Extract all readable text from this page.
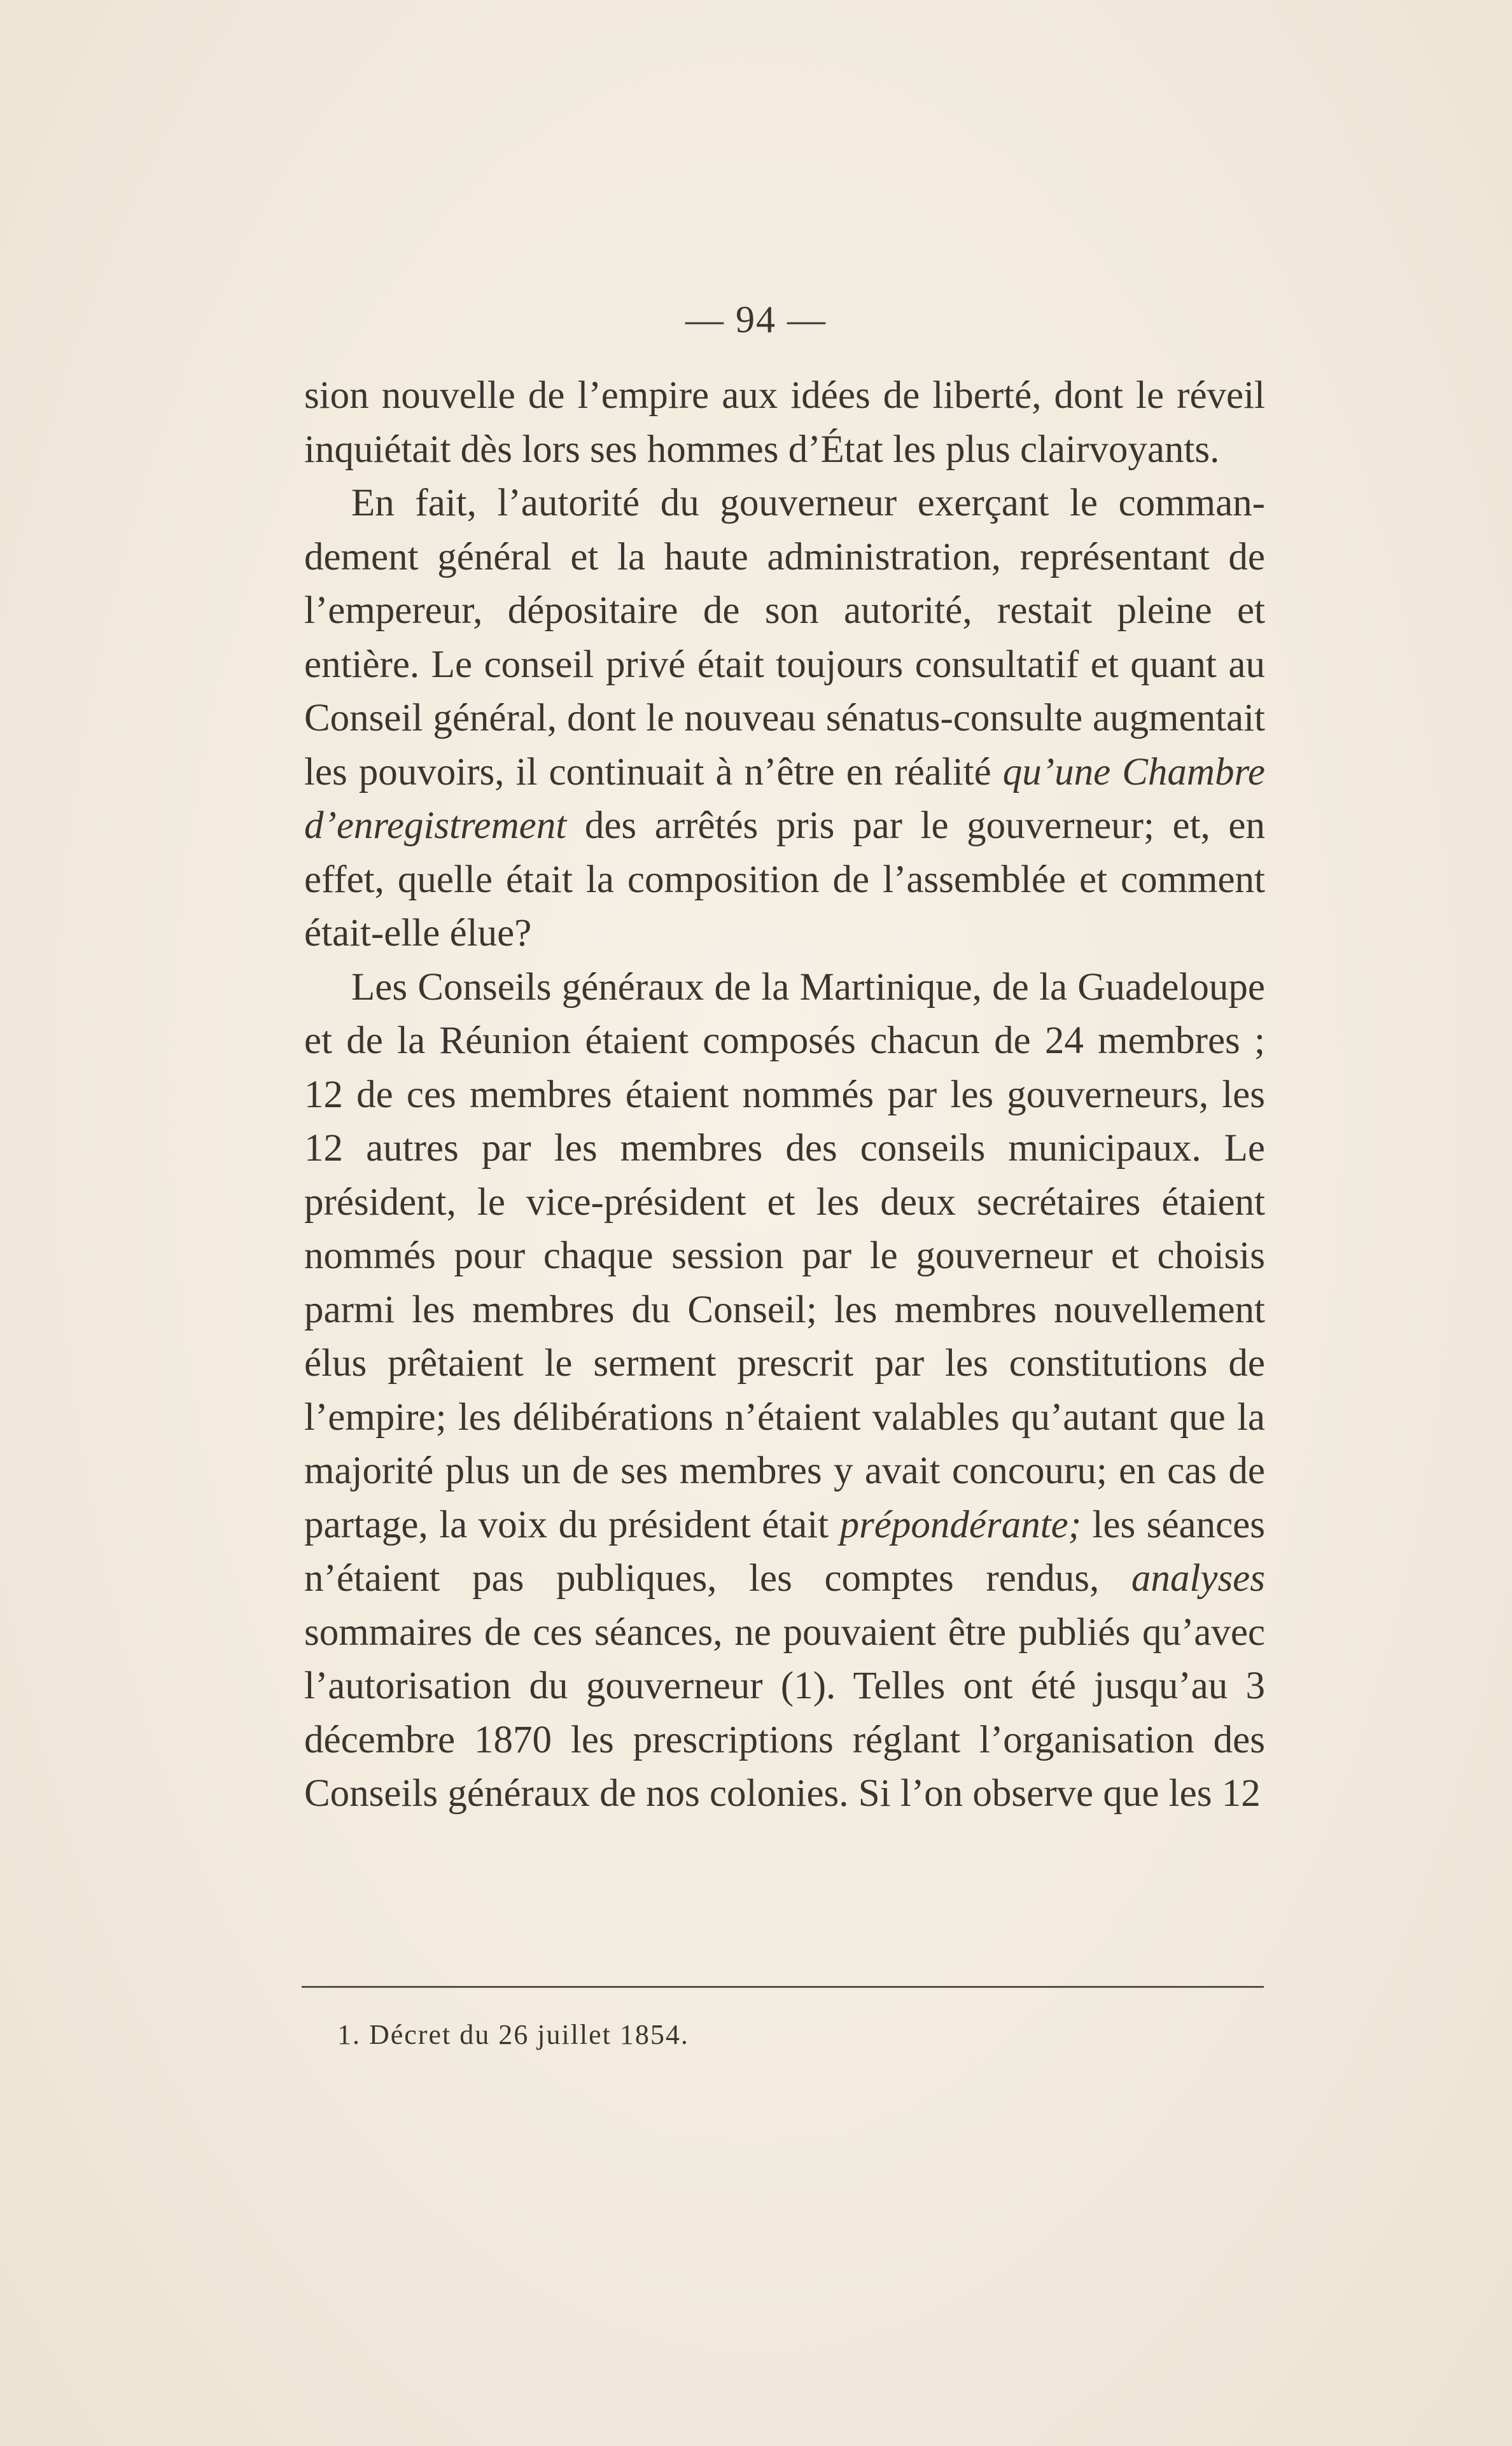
— 94 —

sion nouvelle de l’empire aux idées de liberté, dont le réveil inquiétait dès lors ses hommes d’État les plus clairvoyants.

En fait, l’autorité du gouverneur exerçant le commandement général et la haute administration, représentant de l’empereur, dépositaire de son autorité, restait pleine et entière. Le conseil privé était toujours consultatif et quant au Conseil général, dont le nouveau sénatus-consulte augmentait les pouvoirs, il continuait à n’être en réalité qu’une Chambre d’enregistrement des arrêtés pris par le gouverneur; et, en effet, quelle était la composition de l’assemblée et comment était-elle élue?

Les Conseils généraux de la Martinique, de la Guadeloupe et de la Réunion étaient composés chacun de 24 membres ; 12 de ces membres étaient nommés par les gouverneurs, les 12 autres par les membres des conseils municipaux. Le président, le vice-président et les deux secrétaires étaient nommés pour chaque session par le gouverneur et choisis parmi les membres du Conseil; les membres nouvellement élus prêtaient le serment prescrit par les constitutions de l’empire; les délibérations n’étaient valables qu’autant que la majorité plus un de ses membres y avait concouru; en cas de partage, la voix du président était prépondérante; les séances n’étaient pas publiques, les comptes rendus, analyses sommaires de ces séances, ne pouvaient être publiés qu’avec l’autorisation du gouverneur (1). Telles ont été jusqu’au 3 décembre 1870 les prescriptions réglant l’organisation des Conseils généraux de nos colonies. Si l’on observe que les 12

1. Décret du 26 juillet 1854.
